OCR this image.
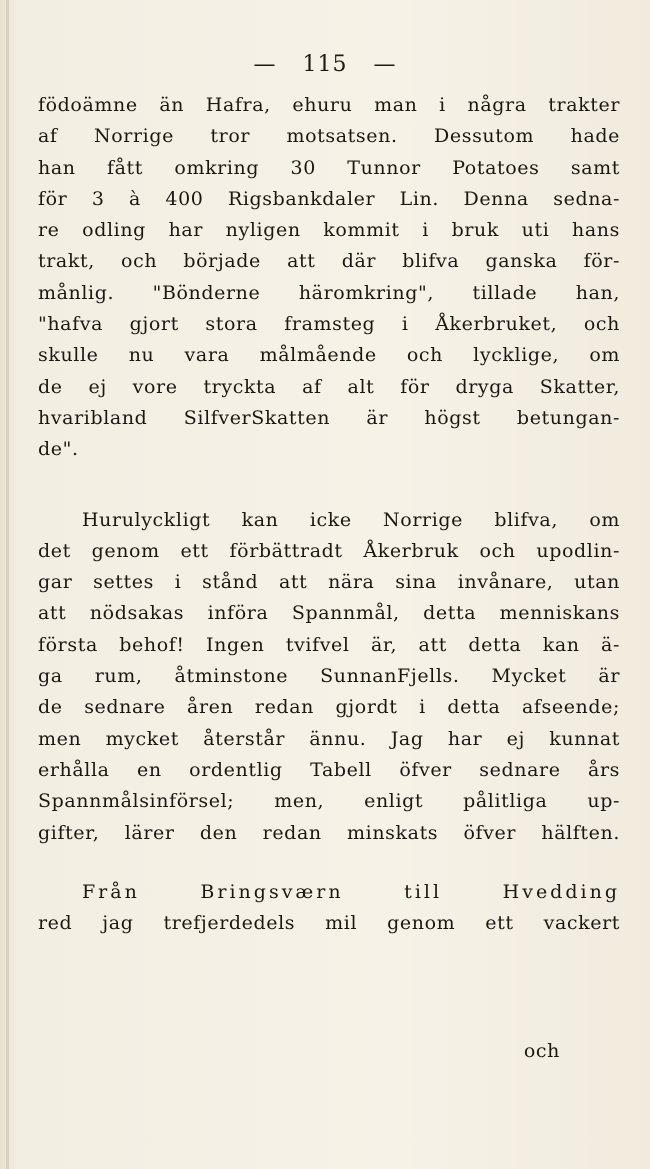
— 115 —
födoämne än Hafra, ehuru man i några trakter
af Norrige tror motsatsen. Dessutom hade
han fått omkring 30 Tunnor Potatoes samt
för 3 à 400 Rigsbankdaler Lin. Denna sedna-
re odling har nyligen kommit i bruk uti hans
trakt, och började att där blifva ganska för-
månlig. "Bönderne häromkring", tillade han,
"hafva gjort stora framsteg i Åkerbruket, och
skulle nu vara målmående och lycklige, om
de ej vore tryckta af alt för dryga Skatter,
hvaribland SilfverSkatten är högst betungan-
de".
Hurulyckligt kan icke Norrige blifva, om
det genom ett förbättradt Åkerbruk och upodlin-
gar settes i stånd att nära sina invånare, utan
att nödsakas införa Spannmål, detta menniskans
första behof! Ingen tvifvel är, att detta kan ä-
ga rum, åtminstone SunnanFjells. Mycket är
de sednare åren redan gjordt i detta afseende;
men mycket återstår ännu. Jag har ej kunnat
erhålla en ordentlig Tabell öfver sednare års
Spannmålsinförsel; men, enligt pålitliga up-
gifter, lärer den redan minskats öfver hälften.
Från Bringsværn till Hvedding
red jag trefjerdedels mil genom ett vackert
och
